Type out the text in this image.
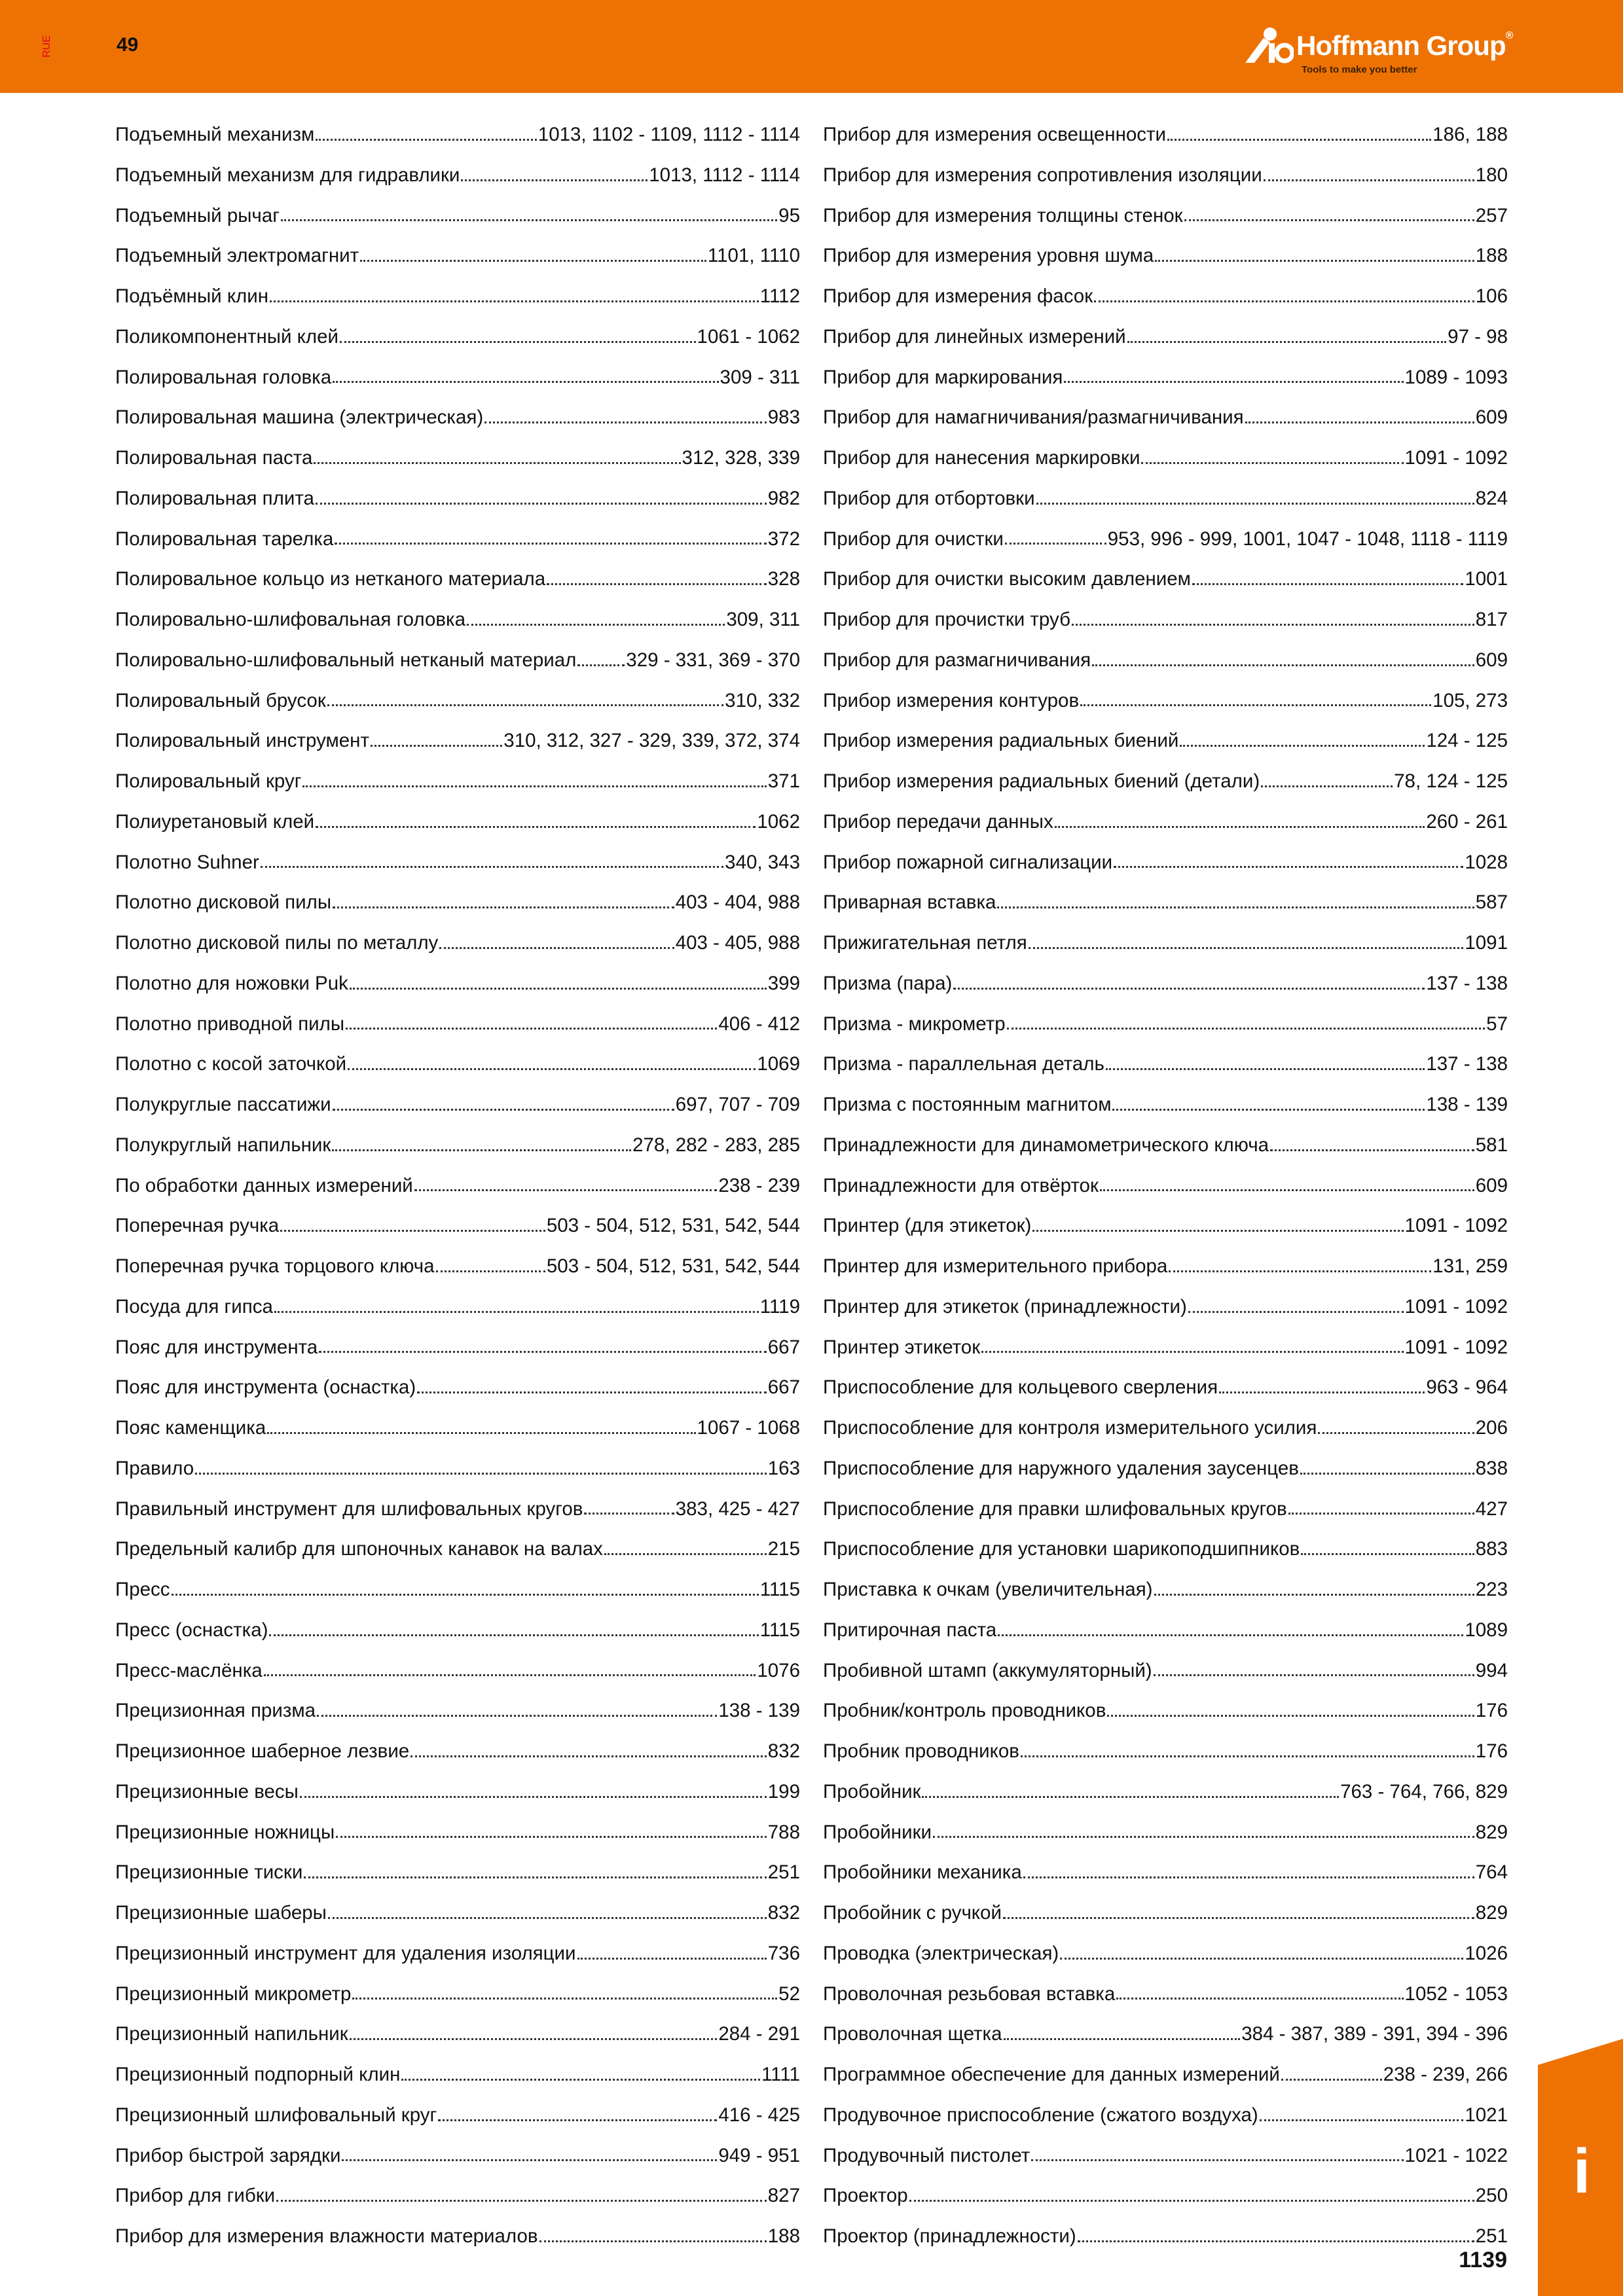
RUE	49	Hoffmann Group®
Tools to make you better
Подъемный механизм	1013, 1102 - 1109, 1112 - 1114
Подъемный механизм для гидравлики	1013, 1112 - 1114
Подъемный рычаг	95
Подъемный электромагнит	1101, 1110
Подъёмный клин	1112
Поликомпонентный клей	1061 - 1062
Полировальная головка	309 - 311
Полировальная машина (электрическая)	983
Полировальная паста	312, 328, 339
Полировальная плита	982
Полировальная тарелка	372
Полировальное кольцо из нетканого материала	328
Полировально-шлифовальная головка	309, 311
Полировально-шлифовальный нетканый материал	329 - 331, 369 - 370
Полировальный брусок	310, 332
Полировальный инструмент	310, 312, 327 - 329, 339, 372, 374
Полировальный круг	371
Полиуретановый клей	1062
Полотно Suhner	340, 343
Полотно дисковой пилы	403 - 404, 988
Полотно дисковой пилы по металлу	403 - 405, 988
Полотно для ножовки Puk	399
Полотно приводной пилы	406 - 412
Полотно с косой заточкой	1069
Полукруглые пассатижи	697, 707 - 709
Полукруглый напильник	278, 282 - 283, 285
По обработки данных измерений	238 - 239
Поперечная ручка	503 - 504, 512, 531, 542, 544
Поперечная ручка торцового ключа	503 - 504, 512, 531, 542, 544
Посуда для гипса	1119
Пояс для инструмента	667
Пояс для инструмента (оснастка)	667
Пояс каменщика	1067 - 1068
Правило	163
Правильный инструмент для шлифовальных кругов	383, 425 - 427
Предельный калибр для шпоночных канавок на валах	215
Пресс	1115
Пресс (оснастка)	1115
Пресс-маслёнка	1076
Прецизионная призма	138 - 139
Прецизионное шаберное лезвие	832
Прецизионные весы	199
Прецизионные ножницы	788
Прецизионные тиски	251
Прецизионные шаберы	832
Прецизионный инструмент для удаления изоляции	736
Прецизионный микрометр	52
Прецизионный напильник	284 - 291
Прецизионный подпорный клин	1111
Прецизионный шлифовальный круг	416 - 425
Прибор быстрой зарядки	949 - 951
Прибор для гибки	827
Прибор для измерения влажности материалов	188
Прибор для измерения освещенности	186, 188
Прибор для измерения сопротивления изоляции	180
Прибор для измерения толщины стенок	257
Прибор для измерения уровня шума	188
Прибор для измерения фасок	106
Прибор для линейных измерений	97 - 98
Прибор для маркирования	1089 - 1093
Прибор для намагничивания/размагничивания	609
Прибор для нанесения маркировки	1091 - 1092
Прибор для отбортовки	824
Прибор для очистки	953, 996 - 999, 1001, 1047 - 1048, 1118 - 1119
Прибор для очистки высоким давлением	1001
Прибор для прочистки труб	817
Прибор для размагничивания	609
Прибор измерения контуров	105, 273
Прибор измерения радиальных биений	124 - 125
Прибор измерения радиальных биений (детали)	78, 124 - 125
Прибор передачи данных	260 - 261
Прибор пожарной сигнализации	1028
Приварная вставка	587
Прижигательная петля	1091
Призма (пара)	137 - 138
Призма - микрометр	57
Призма - параллельная деталь	137 - 138
Призма с постоянным магнитом	138 - 139
Принадлежности для динамометрического ключа	581
Принадлежности для отвёрток	609
Принтер (для этикеток)	1091 - 1092
Принтер для измерительного прибора	131, 259
Принтер для этикеток (принадлежности)	1091 - 1092
Принтер этикеток	1091 - 1092
Приспособление для кольцевого сверления	963 - 964
Приспособление для контроля измерительного усилия	206
Приспособление для наружного удаления заусенцев	838
Приспособление для правки шлифовальных кругов	427
Приспособление для установки шарикоподшипников	883
Приставка к очкам (увеличительная)	223
Притирочная паста	1089
Пробивной штамп (аккумуляторный)	994
Пробник/контроль проводников	176
Пробник проводников	176
Пробойник	763 - 764, 766, 829
Пробойники	829
Пробойники механика	764
Пробойник с ручкой	829
Проводка (электрическая)	1026
Проволочная резьбовая вставка	1052 - 1053
Проволочная щетка	384 - 387, 389 - 391, 394 - 396
Программное обеспечение для данных измерений	238 - 239, 266
Продувочное приспособление (сжатого воздуха)	1021
Продувочный пистолет	1021 - 1022
Проектор	250
Проектор (принадлежности)	251
i
1139
